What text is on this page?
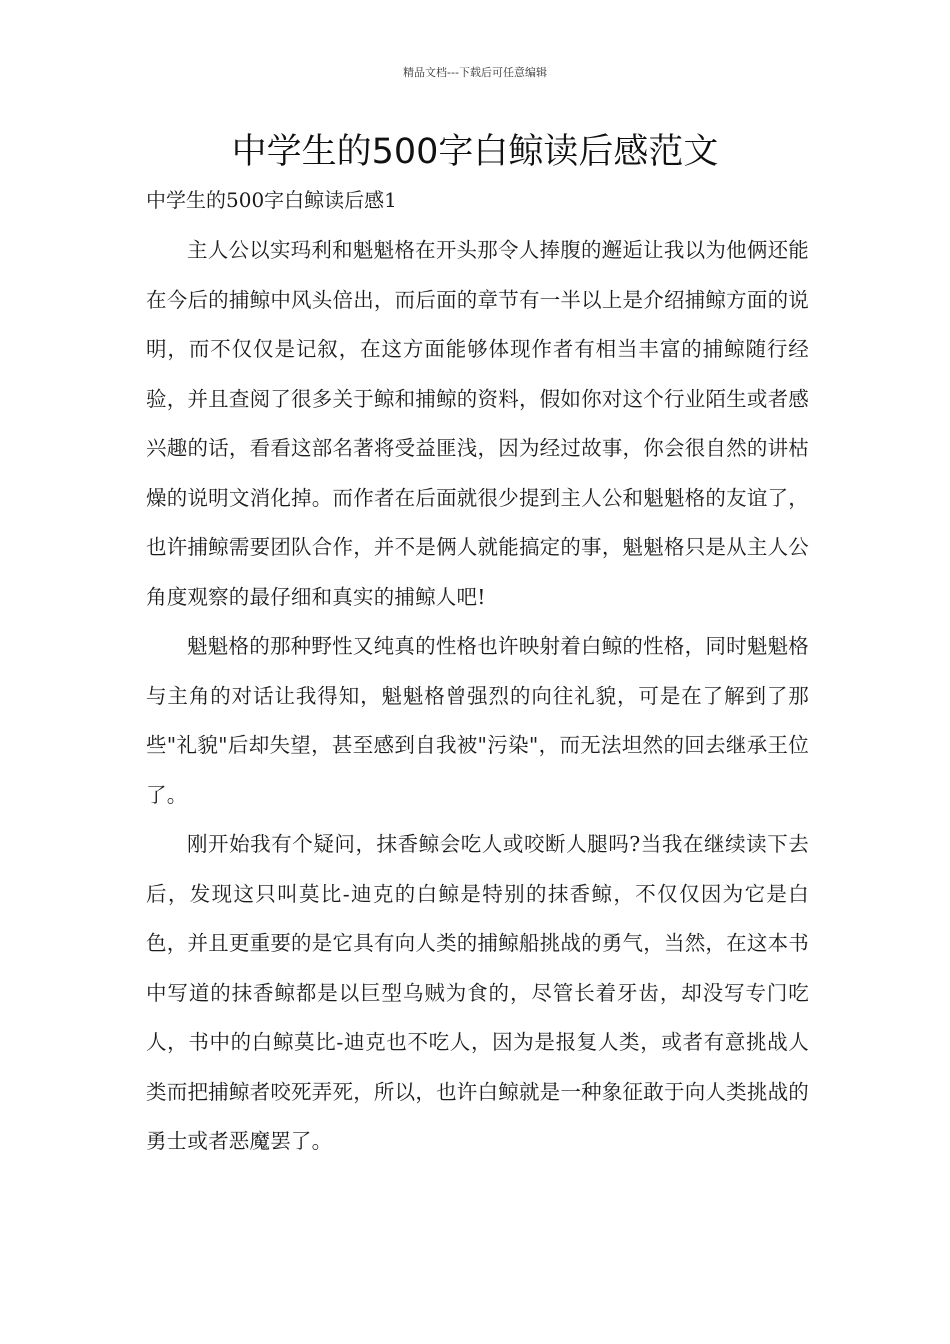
精品文档---下载后可任意编辑
中学生的500字白鲸读后感范文
中学生的500字白鲸读后感1

主人公以实玛利和魁魁格在开头那令人捧腹的邂逅让我以为他俩还能在今后的捕鲸中风头倍出，而后面的章节有一半以上是介绍捕鲸方面的说明，而不仅仅是记叙，在这方面能够体现作者有相当丰富的捕鲸随行经验，并且查阅了很多关于鲸和捕鲸的资料，假如你对这个行业陌生或者感兴趣的话，看看这部名著将受益匪浅，因为经过故事，你会很自然的讲枯燥的说明文消化掉。而作者在后面就很少提到主人公和魁魁格的友谊了，也许捕鲸需要团队合作，并不是俩人就能搞定的事，魁魁格只是从主人公角度观察的最仔细和真实的捕鲸人吧!

魁魁格的那种野性又纯真的性格也许映射着白鲸的性格，同时魁魁格与主角的对话让我得知，魁魁格曾强烈的向往礼貌，可是在了解到了那些"礼貌"后却失望，甚至感到自我被"污染"，而无法坦然的回去继承王位了。

刚开始我有个疑问，抹香鲸会吃人或咬断人腿吗?当我在继续读下去后，发现这只叫莫比-迪克的白鲸是特别的抹香鲸，不仅仅因为它是白色，并且更重要的是它具有向人类的捕鲸船挑战的勇气，当然，在这本书中写道的抹香鲸都是以巨型乌贼为食的，尽管长着牙齿，却没写专门吃人，书中的白鲸莫比-迪克也不吃人，因为是报复人类，或者有意挑战人类而把捕鲸者咬死弄死，所以，也许白鲸就是一种象征敢于向人类挑战的勇士或者恶魔罢了。
